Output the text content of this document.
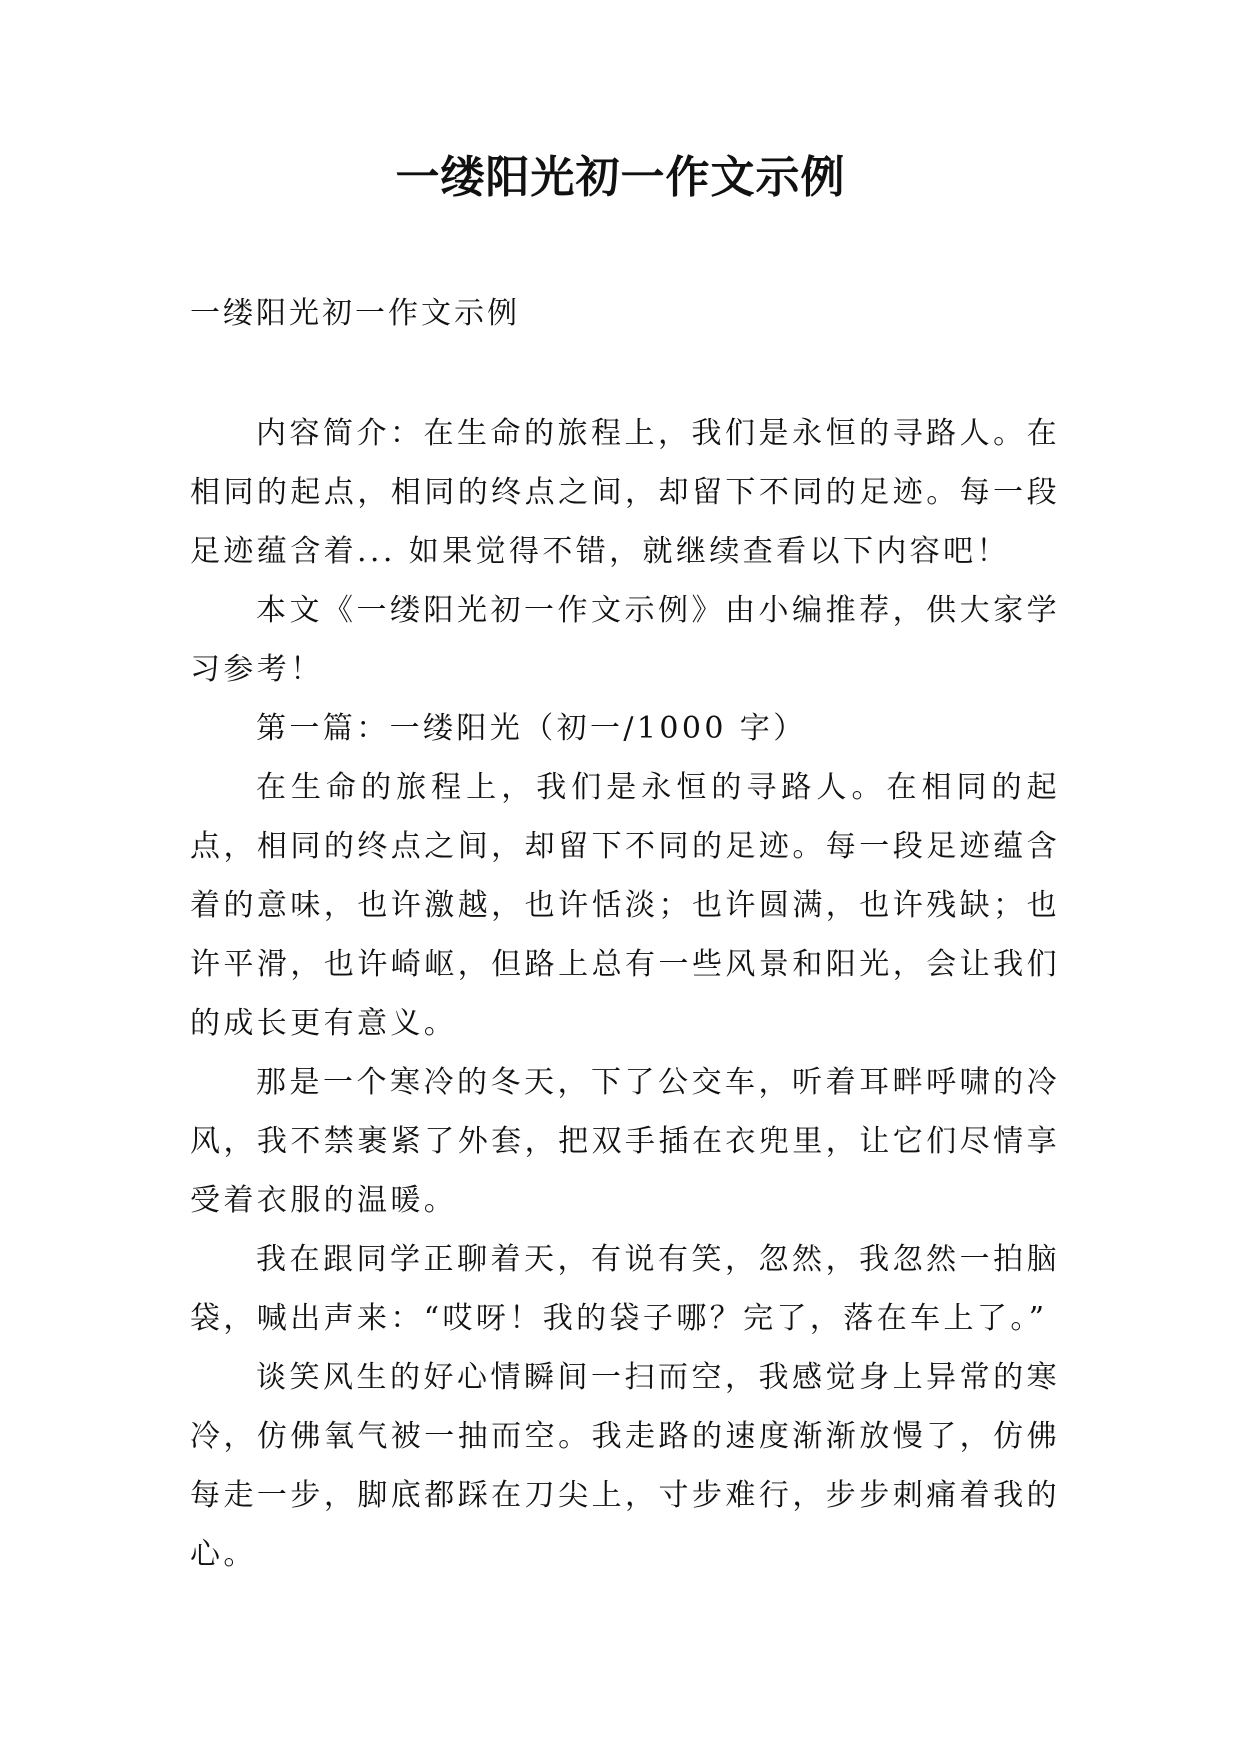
一缕阳光初一作文示例

一缕阳光初一作文示例

内容简介：在生命的旅程上，我们是永恒的寻路人。在相同的起点，相同的终点之间，却留下不同的足迹。每一段足迹蕴含着... 如果觉得不错，就继续查看以下内容吧！

本文《一缕阳光初一作文示例》由小编推荐，供大家学习参考！

第一篇：一缕阳光（初一/1000 字）

在生命的旅程上，我们是永恒的寻路人。在相同的起点，相同的终点之间，却留下不同的足迹。每一段足迹蕴含着的意味，也许激越，也许恬淡；也许圆满，也许残缺；也许平滑，也许崎岖，但路上总有一些风景和阳光，会让我们的成长更有意义。

那是一个寒冷的冬天，下了公交车，听着耳畔呼啸的冷风，我不禁裹紧了外套，把双手插在衣兜里，让它们尽情享受着衣服的温暖。

我在跟同学正聊着天，有说有笑，忽然，我忽然一拍脑袋，喊出声来：“哎呀！我的袋子哪？完了，落在车上了。”

谈笑风生的好心情瞬间一扫而空，我感觉身上异常的寒冷，仿佛氧气被一抽而空。我走路的速度渐渐放慢了，仿佛每走一步，脚底都踩在刀尖上，寸步难行，步步刺痛着我的心。
